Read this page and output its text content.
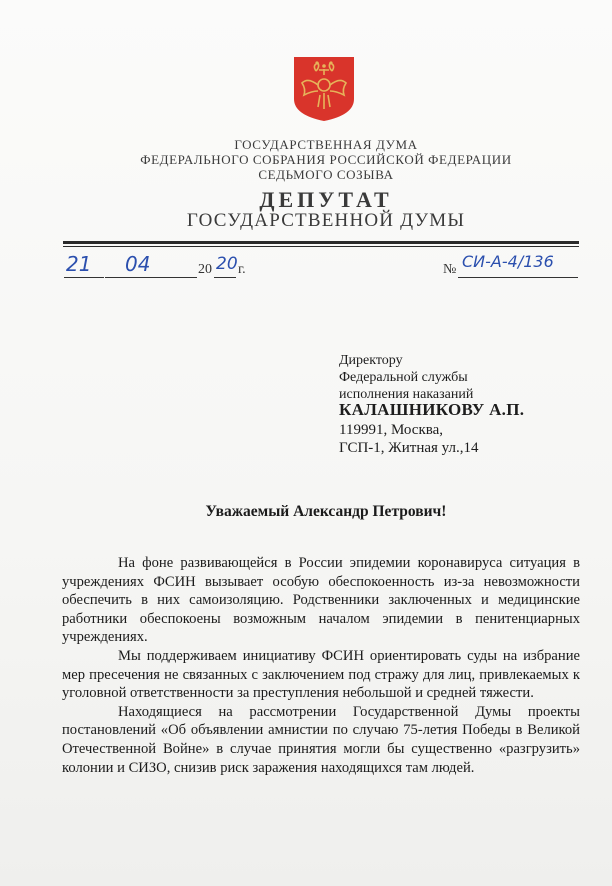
ГОСУДАРСТВЕННАЯ ДУМА
ФЕДЕРАЛЬНОГО СОБРАНИЯ РОССИЙСКОЙ ФЕДЕРАЦИИ
СЕДЬМОГО СОЗЫВА
ДЕПУТАТ
ГОСУДАРСТВЕННОЙ ДУМЫ
21 04	20 20 г.	№ СИ-А-4/136
Директору
Федеральной службы
исполнения наказаний
КАЛАШНИКОВУ А.П.
119991, Москва,
ГСП-1, Житная ул.,14
Уважаемый Александр Петрович!

На фоне развивающейся в России эпидемии коронавируса ситуация в учреждениях ФСИН вызывает особую обеспокоенность из-за невозможности обеспечить в них самоизоляцию. Родственники заключенных и медицинские работники обеспокоены возможным началом эпидемии в пенитенциарных учреждениях.

Мы поддерживаем инициативу ФСИН ориентировать суды на избрание мер пресечения не связанных с заключением под стражу для лиц, привлекаемых к уголовной ответственности за преступления небольшой и средней тяжести.

Находящиеся на рассмотрении Государственной Думы проекты постановлений «Об объявлении амнистии по случаю 75-летия Победы в Великой Отечественной Войне» в случае принятия могли бы существенно «разгрузить» колонии и СИЗО, снизив риск заражения находящихся там людей.
